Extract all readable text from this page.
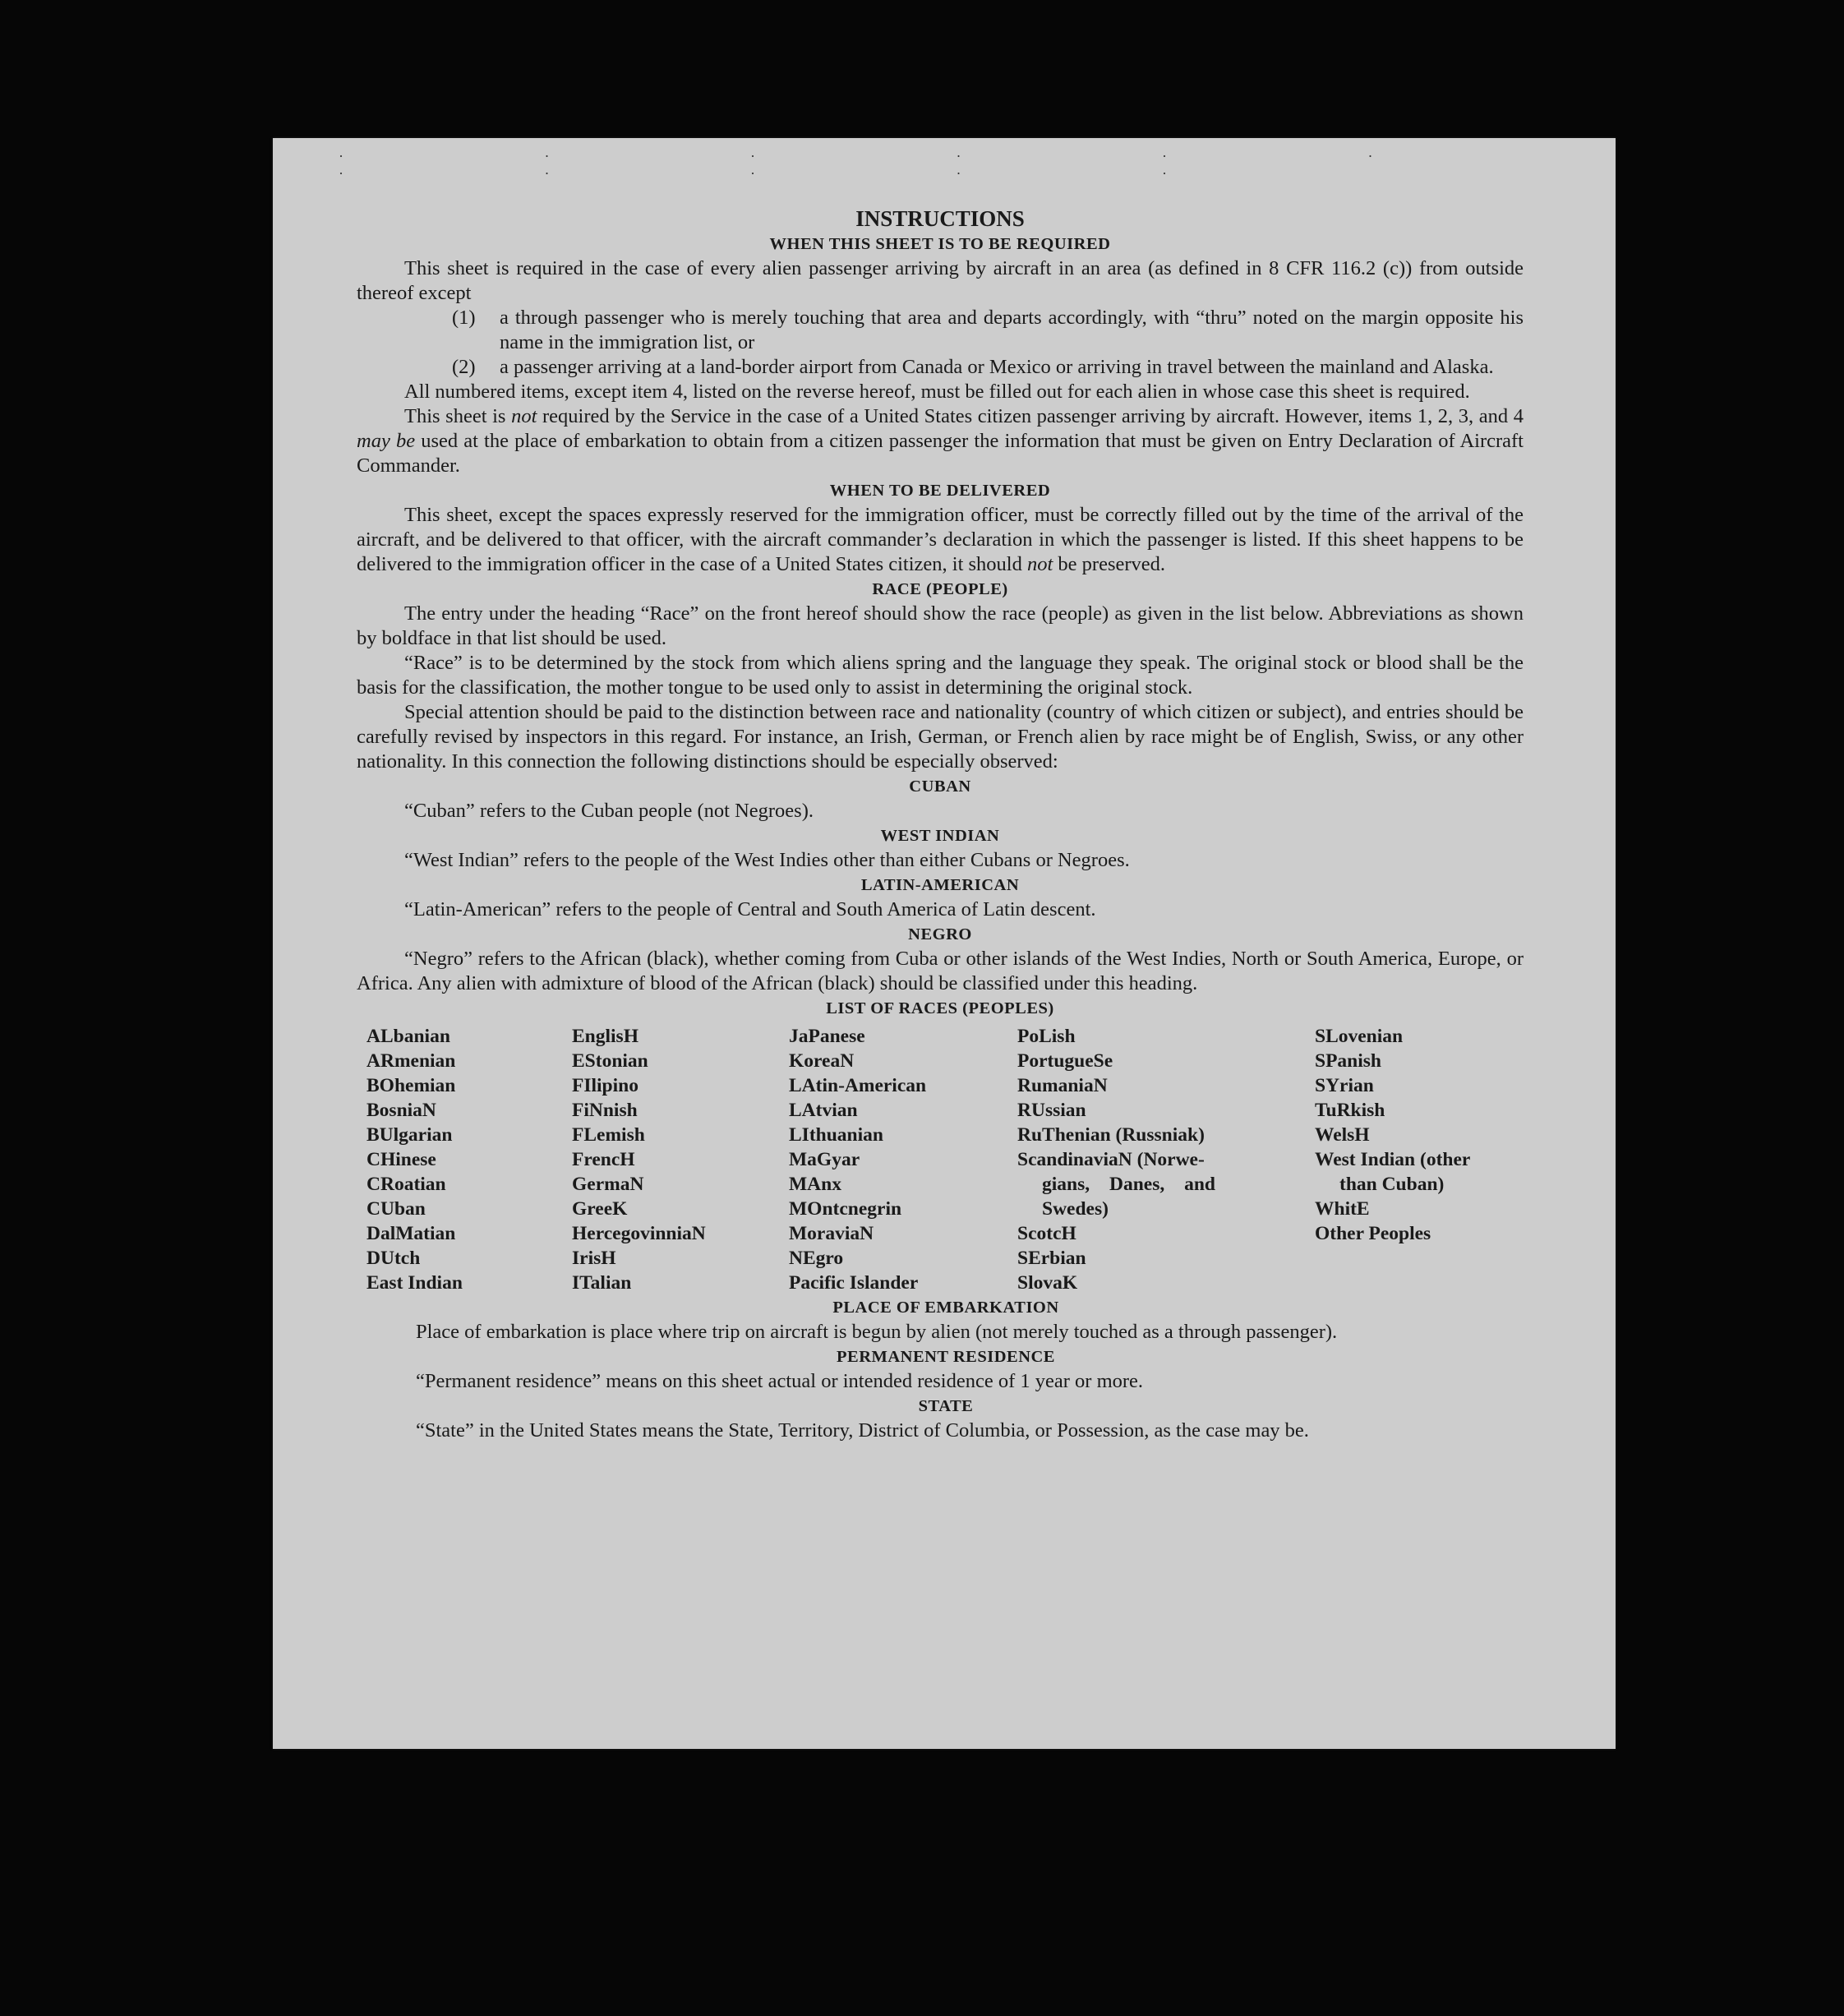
· · · · · · · · · · ·
INSTRUCTIONS
WHEN THIS SHEET IS TO BE REQUIRED

This sheet is required in the case of every alien passenger arriving by aircraft in an area (as defined in 8 CFR 116.2 (c)) from outside thereof except

(1)	a through passenger who is merely touching that area and departs accordingly, with “thru” noted on the margin opposite his name in the immigration list, or
(2)	a passenger arriving at a land-border airport from Canada or Mexico or arriving in travel between the mainland and Alaska.

All numbered items, except item 4, listed on the reverse hereof, must be filled out for each alien in whose case this sheet is required.

This sheet is not required by the Service in the case of a United States citizen passenger arriving by aircraft. However, items 1, 2, 3, and 4 may be used at the place of embarkation to obtain from a citizen passenger the information that must be given on Entry Declaration of Aircraft Commander.

WHEN TO BE DELIVERED

This sheet, except the spaces expressly reserved for the immigration officer, must be correctly filled out by the time of the arrival of the aircraft, and be delivered to that officer, with the aircraft commander’s declaration in which the passenger is listed. If this sheet happens to be delivered to the immigration officer in the case of a United States citizen, it should not be preserved.

RACE (PEOPLE)

The entry under the heading “Race” on the front hereof should show the race (people) as given in the list below. Abbreviations as shown by boldface in that list should be used.

“Race” is to be determined by the stock from which aliens spring and the language they speak. The original stock or blood shall be the basis for the classification, the mother tongue to be used only to assist in determining the original stock.

Special attention should be paid to the distinction between race and nationality (country of which citizen or subject), and entries should be carefully revised by inspectors in this regard. For instance, an Irish, German, or French alien by race might be of English, Swiss, or any other nationality. In this connection the following distinctions should be especially observed:

CUBAN

“Cuban” refers to the Cuban people (not Negroes).

WEST INDIAN

“West Indian” refers to the people of the West Indies other than either Cubans or Negroes.

LATIN-AMERICAN

“Latin-American” refers to the people of Central and South America of Latin descent.

NEGRO

“Negro” refers to the African (black), whether coming from Cuba or other islands of the West Indies, North or South America, Europe, or Africa. Any alien with admixture of blood of the African (black) should be classified under this heading.

LIST OF RACES (PEOPLES)
ALbanian
ARmenian
BOhemian
BosniaN
BUlgarian
CHinese
CRoatian
CUban
DalMatian
DUtch
East Indian
EnglisH
EStonian
FIlipino
FiNnish
FLemish
FrencH
GermaN
GreeK
HercegovinniaN
IrisH
ITalian
JaPanese
KoreaN
LAtin-American
LAtvian
LIthuanian
MaGyar
MAnx
MOntcnegrin
MoraviaN
NEgro
Pacific Islander
PoLish
PortugueSe
RumaniaN
RUssian
RuThenian (Russniak)
ScandinaviaN (Norwe-
gians, Danes, and
Swedes)
ScotcH
SErbian
SlovaK
SLovenian
SPanish
SYrian
TuRkish
WelsH
West Indian (other
than Cuban)
WhitE
Other Peoples
PLACE OF EMBARKATION

Place of embarkation is place where trip on aircraft is begun by alien (not merely touched as a through passenger).

PERMANENT RESIDENCE

“Permanent residence” means on this sheet actual or intended residence of 1 year or more.

STATE

“State” in the United States means the State, Territory, District of Columbia, or Possession, as the case may be.
